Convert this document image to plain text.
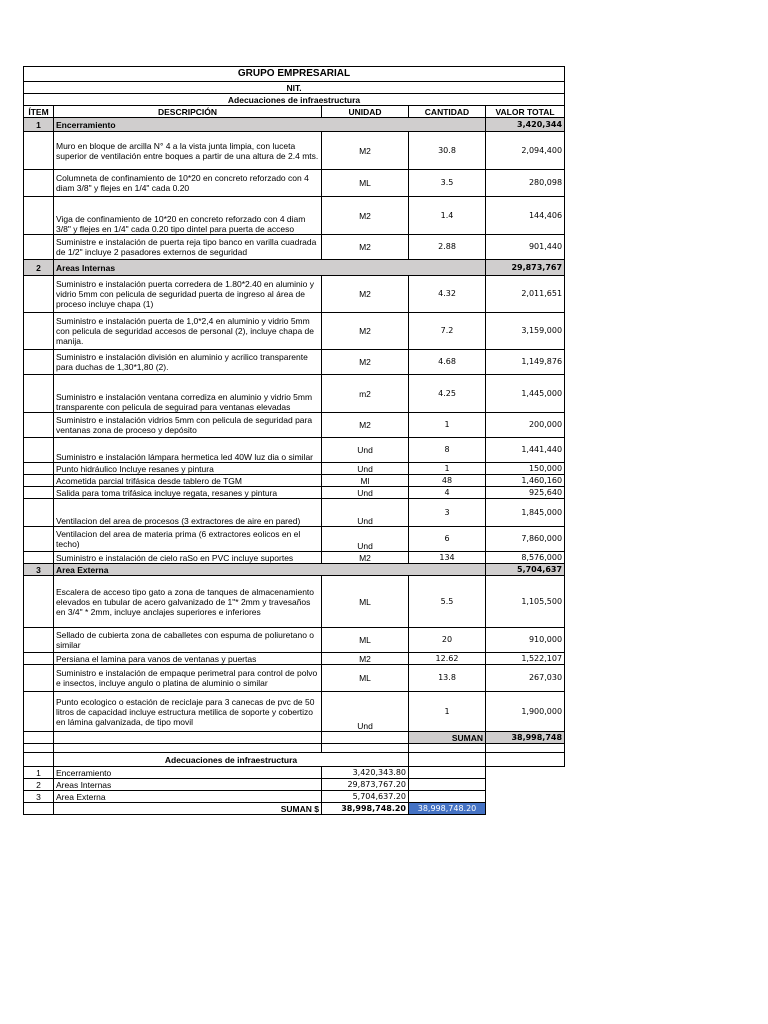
GRUPO EMPRESARIAL				
NIT.				
Adecuaciones de infraestructura				
ÍTEM	DESCRIPCIÓN	UNIDAD	CANTIDAD	VALOR TOTAL
1	Encerramiento			3,420,344
	Muro en bloque de arcilla N° 4 a la vista junta limpia, con luceta superior de ventilación entre boques a partir de una altura de 2.4 mts.	M2	30.8	2,094,400
	Columneta de confinamiento de 10*20 en concreto reforzado con 4 diam 3/8" y flejes en 1/4" cada 0.20	ML	3.5	280,098
	Viga de confinamiento de 10*20 en concreto reforzado con 4 diam 3/8" y flejes en 1/4" cada 0.20 tipo dintel para puerta de acceso	M2	1.4	144,406
	Suministre e instalación de puerta reja tipo banco en varilla cuadrada de 1/2" incluye 2 pasadores externos de seguridad	M2	2.88	901,440
2	Areas Internas			29,873,767
	Suministro e instalación puerta corredera de 1.80*2.40 en aluminio y vidrio 5mm con pelicula de seguridad puerta de ingreso al área de proceso incluye chapa (1)	M2	4.32	2,011,651
	Suministro e instalación puerta de 1,0*2,4 en aluminio y vidrio 5mm con pelicula de seguridad accesos de personal (2), incluye chapa de manija.	M2	7.2	3,159,000
	Suministro e instalación división en aluminio y acrilico transparente para duchas de 1,30*1,80 (2).	M2	4.68	1,149,876
	Suministro e instalación ventana corrediza en aluminio y vidrio 5mm transparente con pelicula de seguirad para ventanas elevadas	m2	4.25	1,445,000
	Suministro e instalación vidrios 5mm con pelicula de seguridad para ventanas zona de proceso y depósito	M2	1	200,000
	Suministro e instalación lámpara hermetica led 40W luz dia o similar	Und	8	1,441,440
	Punto hidráulico Incluye resanes y pintura	Und	1	150,000
	Acometida parcial trifásica desde tablero de TGM	Ml	48	1,460,160
	Salida para toma trifásica incluye regata, resanes y pintura	Und	4	925,640
	Ventilacion del area de procesos (3 extractores de aire en pared)	Und	3	1,845,000
	Ventilacion del area de materia prima (6 extractores eolicos en el techo)	Und	6	7,860,000
	Suministro e instalación de cielo raSo en PVC incluye suportes	M2	134	8,576,000
3	Area Externa			5,704,637
	Escalera de acceso tipo gato a zona de tanques de almacenamiento elevados en tubular de acero galvanizado de 1"* 2mm y travesaños en 3/4" * 2mm, incluye anclajes superiores e inferiores	ML	5.5	1,105,500
	Sellado de cubierta zona de caballetes con espuma de poliuretano o similar	ML	20	910,000
	Persiana el lamina para vanos de ventanas y puertas	M2	12.62	1,522,107
	Suministro e instalación de empaque perimetral para control de polvo e insectos, incluye angulo o platina de aluminio o similar	ML	13.8	267,030
	Punto ecologico o estación de reciclaje para 3 canecas de pvc de 50 litros de capacidad incluye estructura metilica de soporte y cobertizo en lámina galvanizada, de tipo movil	Und	1	1,900,000
			SUMAN	38,998,748

	Adecuaciones de infraestructura			
1	Encerramiento	3,420,343.80		
2	Areas Internas	29,873,767.20		
3	Area Externa	5,704,637.20		
	SUMAN $	38,998,748.20	38,998,748.20	
